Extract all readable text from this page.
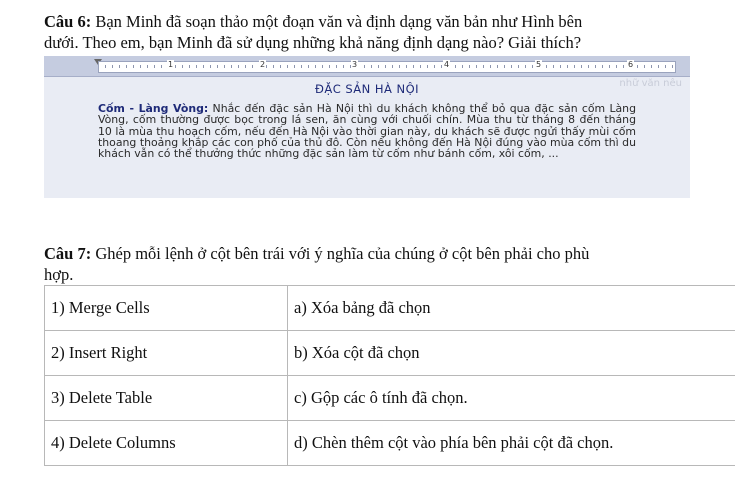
Câu 6: Bạn Minh đã soạn thảo một đoạn văn và định dạng văn bản như Hình bên
dưới. Theo em, bạn Minh đã sử dụng những khả năng định dạng nào? Giải thích?
1	2	3	4	5	6
nhữ văn nêu
ĐẶC SẢN HÀ NỘI
Cốm - Làng Vòng: Nhắc đến đặc sản Hà Nội thì du khách không thể bỏ qua đặc sản cốm Làng Vòng, cốm thường được bọc trong lá sen, ăn cùng với chuối chín. Mùa thu từ tháng 8 đến tháng 10 là mùa thu hoạch cốm, nếu đến Hà Nội vào thời gian này, du khách sẽ được ngửi thấy mùi cốm thoang thoảng khắp các con phố của thủ đô. Còn nếu không đến Hà Nội đúng vào mùa cốm thì du khách vẫn có thể thưởng thức những đặc sản làm từ cốm như bánh cốm, xôi cốm, ...
Câu 7: Ghép mỗi lệnh ở cột bên trái với ý nghĩa của chúng ở cột bên phải cho phù
hợp.
1) Merge Cells	a) Xóa bảng đã chọn
2) Insert Right	b) Xóa cột đã chọn
3) Delete Table	c) Gộp các ô tính đã chọn.
4) Delete Columns	d) Chèn thêm cột vào phía bên phải cột đã chọn.
